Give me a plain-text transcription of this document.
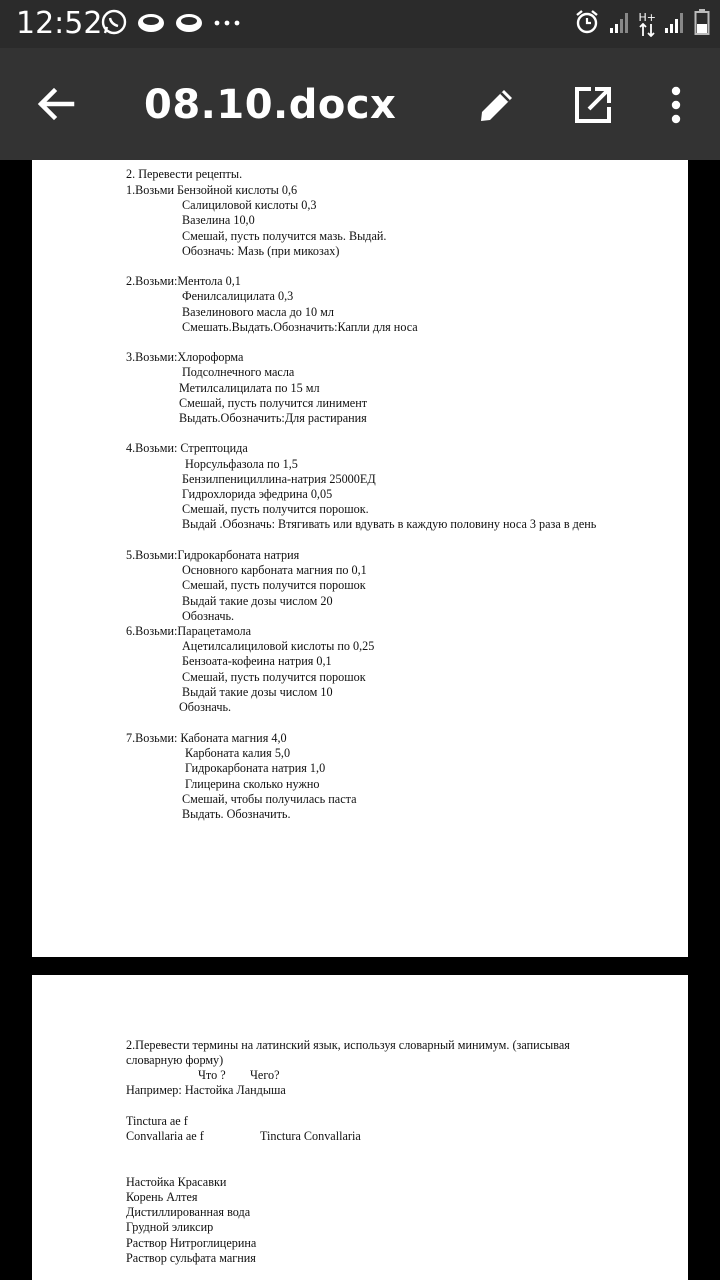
12:52	H+
08.10.docx
2. Перевести рецепты.
1.Возьми Бензойной кислоты 0,6
Салициловой кислоты 0,3
Вазелина 10,0
Смешай, пусть получится мазь. Выдай.
Обозначь: Мазь (при микозах)
2.Возьми:Ментола 0,1
Фенилсалицилата 0,3
Вазелинового масла до 10 мл
Смешать.Выдать.Обозначить:Капли для носа
3.Возьми:Хлороформа
Подсолнечного масла
Метилсалицилата по 15 мл
Смешай, пусть получится линимент
Выдать.Обозначить:Для растирания
4.Возьми: Стрептоцида
Норсульфазола по 1,5
Бензилпенициллина-натрия 25000ЕД
Гидрохлорида эфедрина 0,05
Смешай, пусть получится порошок.
Выдай .Обозначь: Втягивать или вдувать в каждую половину носа 3 раза в день
5.Возьми:Гидрокарбоната натрия
Основного карбоната магния по 0,1
Смешай, пусть получится порошок
Выдай такие дозы числом 20
Обозначь.
6.Возьми:Парацетамола
Ацетилсалициловой кислоты по 0,25
Бензоата-кофеина натрия 0,1
Смешай, пусть получится порошок
Выдай такие дозы числом 10
Обозначь.
7.Возьми: Кабоната магния 4,0
Карбоната калия 5,0
Гидрокарбоната натрия 1,0
Глицерина сколько нужно
Смешай, чтобы получилась паста
Выдать. Обозначить.
2.Перевести термины на латинский язык, используя словарный минимум. (записывая
словарную форму)
Что ?        Чего?
Например: Настойка Ландыша
Tinctura ae f
Convallaria ae f	Tinctura Convallaria
Настойка Красавки
Корень Алтея
Дистиллированная вода
Грудной эликсир
Раствор Нитроглицерина
Раствор сульфата магния
